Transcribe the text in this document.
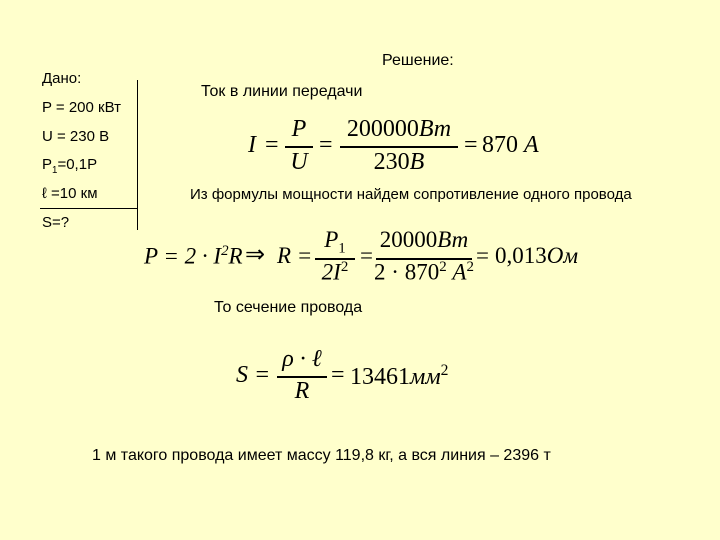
Решение:
Дано:
P = 200 кВт
U = 230 B
$P_1=0,1P$
ℓ =10 км
S=?
Ток в линии передачи
I =
P
U
=
200000Вт
230В
= 870 A
Из формулы мощности найдем сопротивление одного провода
$P = 2 \cdot I^2R$ ⇒ R =
$P_1$
$2I^2$ =
20000Вт
$2 \cdot 870^2$ $A^2 = 0,013Ом$
То сечение провода
S =
ρ · ℓ
R
= $13461мм^2$
1 м такого провода имеет массу 119,8 кг, а вся линия – 2396 т
